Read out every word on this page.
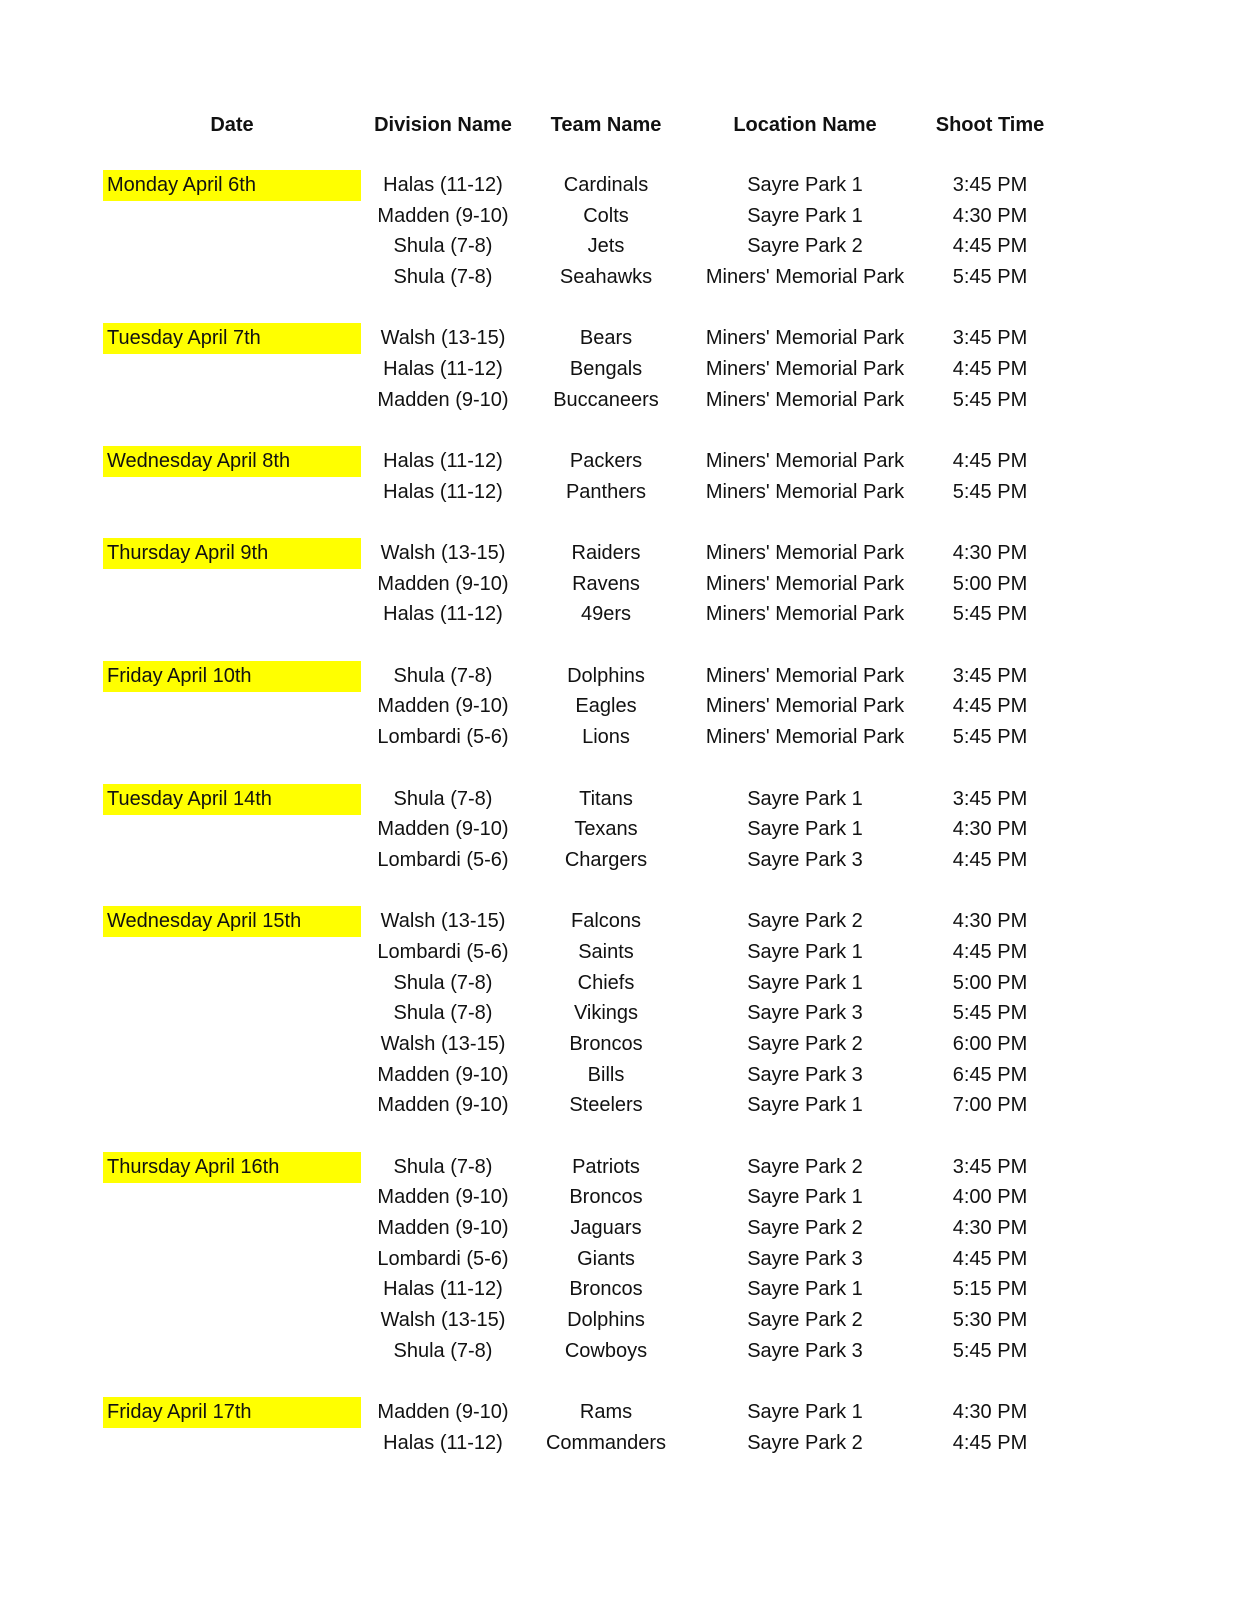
Date	Division Name	Team Name	Location Name	Shoot Time
Monday April 6th	Halas (11-12)	Cardinals	Sayre Park 1	3:45 PM
Madden (9-10)	Colts	Sayre Park 1	4:30 PM
Shula (7-8)	Jets	Sayre Park 2	4:45 PM
Shula (7-8)	Seahawks	Miners' Memorial Park	5:45 PM
Tuesday April 7th	Walsh (13-15)	Bears	Miners' Memorial Park	3:45 PM
Halas (11-12)	Bengals	Miners' Memorial Park	4:45 PM
Madden (9-10)	Buccaneers	Miners' Memorial Park	5:45 PM
Wednesday April 8th	Halas (11-12)	Packers	Miners' Memorial Park	4:45 PM
Halas (11-12)	Panthers	Miners' Memorial Park	5:45 PM
Thursday April 9th	Walsh (13-15)	Raiders	Miners' Memorial Park	4:30 PM
Madden (9-10)	Ravens	Miners' Memorial Park	5:00 PM
Halas (11-12)	49ers	Miners' Memorial Park	5:45 PM
Friday April 10th	Shula (7-8)	Dolphins	Miners' Memorial Park	3:45 PM
Madden (9-10)	Eagles	Miners' Memorial Park	4:45 PM
Lombardi (5-6)	Lions	Miners' Memorial Park	5:45 PM
Tuesday April 14th	Shula (7-8)	Titans	Sayre Park 1	3:45 PM
Madden (9-10)	Texans	Sayre Park 1	4:30 PM
Lombardi (5-6)	Chargers	Sayre Park 3	4:45 PM
Wednesday April 15th	Walsh (13-15)	Falcons	Sayre Park 2	4:30 PM
Lombardi (5-6)	Saints	Sayre Park 1	4:45 PM
Shula (7-8)	Chiefs	Sayre Park 1	5:00 PM
Shula (7-8)	Vikings	Sayre Park 3	5:45 PM
Walsh (13-15)	Broncos	Sayre Park 2	6:00 PM
Madden (9-10)	Bills	Sayre Park 3	6:45 PM
Madden (9-10)	Steelers	Sayre Park 1	7:00 PM
Thursday April 16th	Shula (7-8)	Patriots	Sayre Park 2	3:45 PM
Madden (9-10)	Broncos	Sayre Park 1	4:00 PM
Madden (9-10)	Jaguars	Sayre Park 2	4:30 PM
Lombardi (5-6)	Giants	Sayre Park 3	4:45 PM
Halas (11-12)	Broncos	Sayre Park 1	5:15 PM
Walsh (13-15)	Dolphins	Sayre Park 2	5:30 PM
Shula (7-8)	Cowboys	Sayre Park 3	5:45 PM
Friday April 17th	Madden (9-10)	Rams	Sayre Park 1	4:30 PM
Halas (11-12)	Commanders	Sayre Park 2	4:45 PM
